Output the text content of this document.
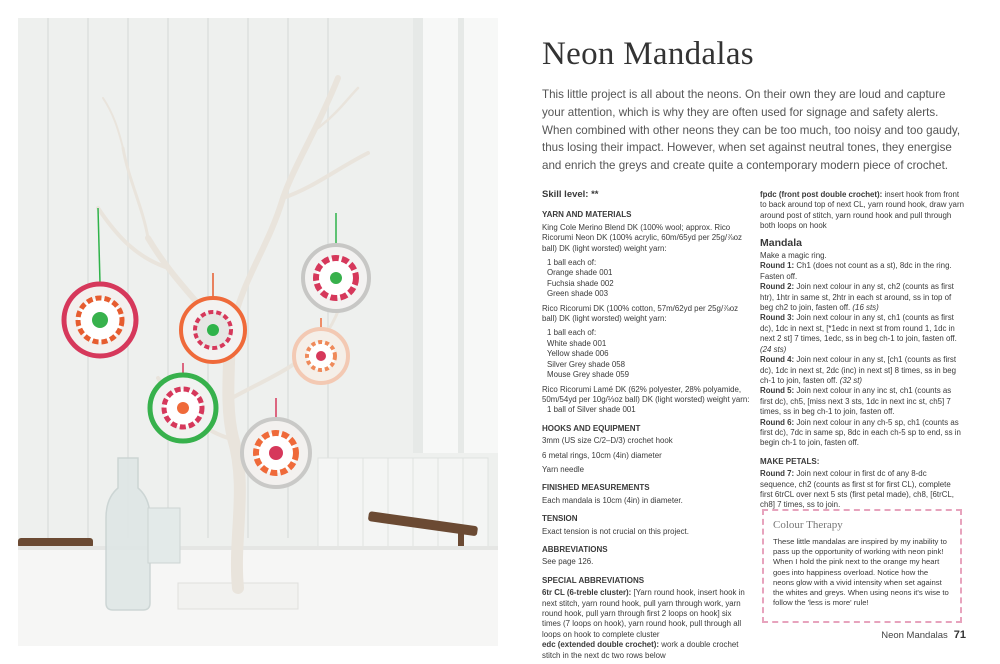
Neon Mandalas

This little project is all about the neons. On their own they are loud and capture your attention, which is why they are often used for signage and safety alerts. When combined with other neons they can be too much, too noisy and too gaudy, thus losing their impact. However, when set against neutral tones, they energise and enrich the greys and create quite a contemporary modern piece of crochet.

Skill level: **
YARN AND MATERIALS
King Cole Merino Blend DK (100% wool; approx. Rico Ricorumi Neon DK (100% acrylic, 60m/65yd per 25g/⅞oz ball) DK (light worsted) weight yarn:
1 ball each of:
Orange shade 001
Fuchsia shade 002
Green shade 003
Rico Ricorumi DK (100% cotton, 57m/62yd per 25g/⅞oz ball) DK (light worsted) weight yarn:
1 ball each of:
White shade 001
Yellow shade 006
Silver Grey shade 058
Mouse Grey shade 059
Rico Ricorumi Lamé DK (62% polyester, 28% polyamide, 50m/54yd per 10g/⅓oz ball) DK (light worsted) weight yarn:
1 ball of Silver shade 001
HOOKS AND EQUIPMENT
3mm (US size C/2–D/3) crochet hook
6 metal rings, 10cm (4in) diameter
Yarn needle
FINISHED MEASUREMENTS
Each mandala is 10cm (4in) in diameter.
TENSION
Exact tension is not crucial on this project.
ABBREVIATIONS
See page 126.
SPECIAL ABBREVIATIONS
6tr CL (6-treble cluster): [Yarn round hook, insert hook in next stitch, yarn round hook, pull yarn through work, yarn round hook, pull yarn through first 2 loops on hook] six times (7 loops on hook), yarn round hook, pull through all loops on hook to complete cluster
edc (extended double crochet): work a double crochet stitch in the next dc two rows below
fpdc (front post double crochet): insert hook from front to back around top of next CL, yarn round hook, draw yarn around post of stitch, yarn round hook and pull through both loops on hook
Mandala
Make a magic ring.
Round 1: Ch1 (does not count as a st), 8dc in the ring. Fasten off.
Round 2: Join next colour in any st, ch2 (counts as first htr), 1htr in same st, 2htr in each st around, ss in top of beg ch2 to join, fasten off. (16 sts)
Round 3: Join next colour in any st, ch1 (counts as first dc), 1dc in next st, [*1edc in next st from round 1, 1dc in next 2 st] 7 times, 1edc, ss in beg ch-1 to join, fasten off. (24 sts)
Round 4: Join next colour in any st, [ch1 (counts as first dc), 1dc in next st, 2dc (inc) in next st] 8 times, ss in beg ch-1 to join, fasten off. (32 st)
Round 5: Join next colour in any inc st, ch1 (counts as first dc), ch5, [miss next 3 sts, 1dc in next inc st, ch5] 7 times, ss in beg ch-1 to join, fasten off.
Round 6: Join next colour in any ch-5 sp, ch1 (counts as first dc), 7dc in same sp, 8dc in each ch-5 sp to end, ss in begin ch-1 to join, fasten off.
MAKE PETALS:
Round 7: Join next colour in first dc of any 8-dc sequence, ch2 (counts as first st for first CL), complete first 6trCL over next 5 sts (first petal made), ch8, [6trCL, ch8] 7 times, ss to join.
Colour Therapy

These little mandalas are inspired by my inability to pass up the opportunity of working with neon pink! When I hold the pink next to the orange my heart goes into happiness overload. Notice how the neons glow with a vivid intensity when set against the whites and greys. When using neons it's wise to follow the 'less is more' rule!

Neon Mandalas 71
